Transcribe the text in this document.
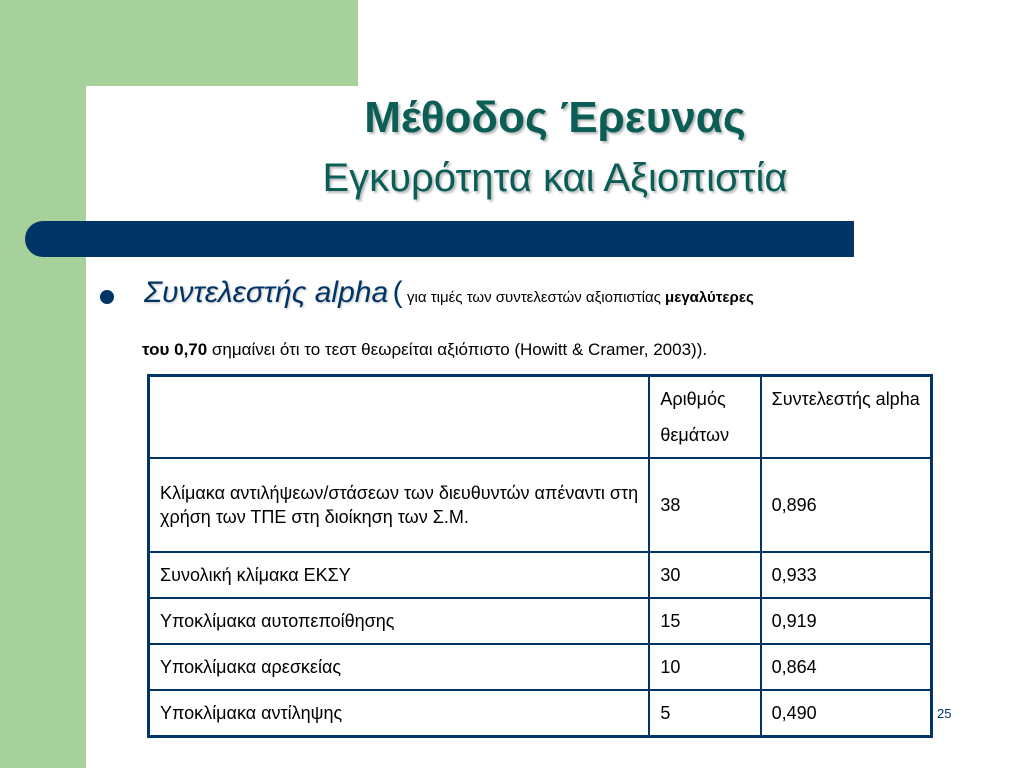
Μέθοδος Έρευνας
Εγκυρότητα και Αξιοπιστία
Συντελεστής alpha ( για τιμές των συντελεστών αξιοπιστίας μεγαλύτερες
του 0,70 σημαίνει ότι το τεστ θεωρείται αξιόπιστο (Howitt & Cramer, 2003)).
	Αριθμός θεμάτων	Συντελεστής alpha
Κλίμακα αντιλήψεων/στάσεων των διευθυντών απέναντι στη χρήση των ΤΠΕ στη διοίκηση των Σ.Μ.	38	0,896
Συνολική κλίμακα ΕΚΣΥ	30	0,933
Υποκλίμακα αυτοπεποίθησης	15	0,919
Υποκλίμακα αρεσκείας	10	0,864
Υποκλίμακα αντίληψης	5	0,490	25
